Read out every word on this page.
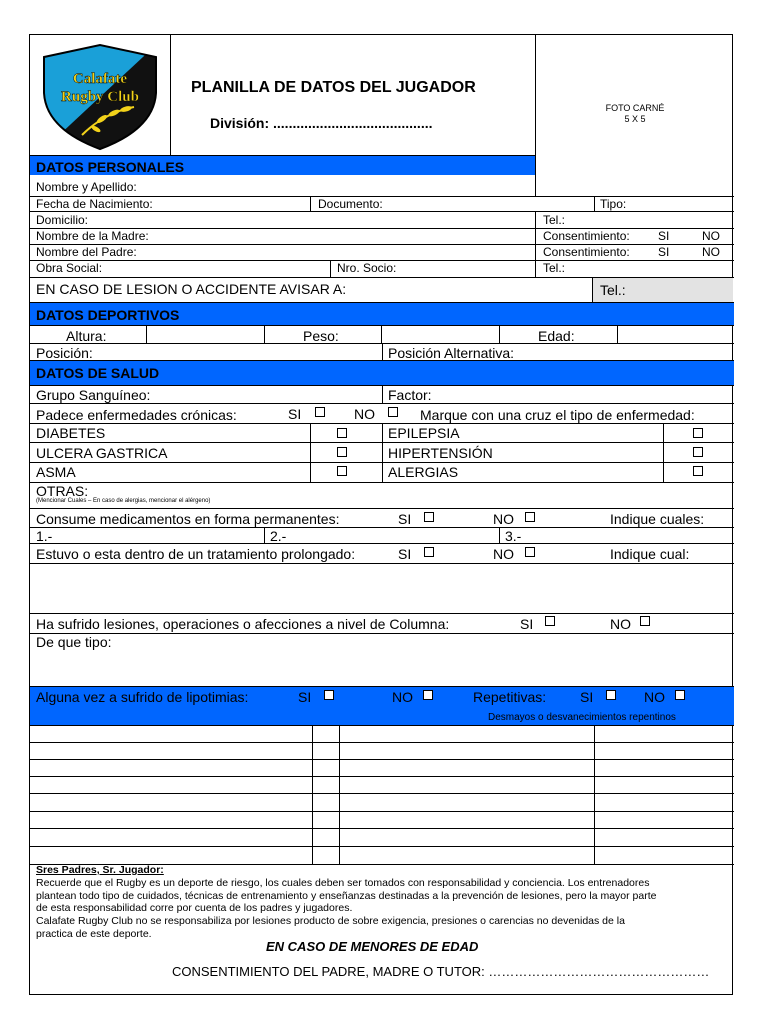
Calafate
Rugby Club
PLANILLA DE DATOS DEL JUGADOR
División: .........................................
FOTO CARNÉ
5 X 5
DATOS PERSONALES
Nombre y Apellido:
Fecha de Nacimiento:	Documento:	Tipo:
Domicilio:	Tel.:
Nombre de la Madre:	Consentimiento: SI	NO
Nombre del Padre:	Consentimiento: SI	NO
Obra Social:	Nro. Socio:	Tel.:
EN CASO DE LESION O ACCIDENTE AVISAR A:	Tel.:
DATOS DEPORTIVOS
Altura:	Peso:	Edad:
Posición:	Posición Alternativa:
DATOS DE SALUD
Grupo Sanguíneo:	Factor:
Padece enfermedades crónicas:	SI	NO	Marque con una cruz el tipo de enfermedad:
DIABETES	EPILEPSIA
ULCERA GASTRICA	HIPERTENSIÓN
ASMA	ALERGIAS
OTRAS:
(Mencionar Cuales – En caso de alergias, mencionar el alérgeno)
Consume medicamentos en forma permanentes:	SI	NO	Indique cuales:
1.-	2.-	3.-
Estuvo o esta dentro de un tratamiento prolongado:	SI	NO	Indique cual:
Ha sufrido lesiones, operaciones o afecciones a nivel de Columna:	SI	NO
De que tipo:
Alguna vez a sufrido de lipotimias:	SI	NO	Repetitivas: SI	NO
Desmayos o desvanecimientos repentinos
Sres Padres, Sr. Jugador:
Recuerde que el Rugby es un deporte de riesgo, los cuales deben ser tomados con responsabilidad y conciencia. Los entrenadores
plantean todo tipo de cuidados, técnicas de entrenamiento y enseñanzas destinadas a la prevención de lesiones, pero la mayor parte
de esta responsabilidad corre por cuenta de los padres y jugadores.
Calafate Rugby Club no se responsabiliza por lesiones producto de sobre exigencia, presiones o carencias no devenidas de la
practica de este deporte.
EN CASO DE MENORES DE EDAD
CONSENTIMIENTO DEL PADRE, MADRE O TUTOR: ……………………………………………
